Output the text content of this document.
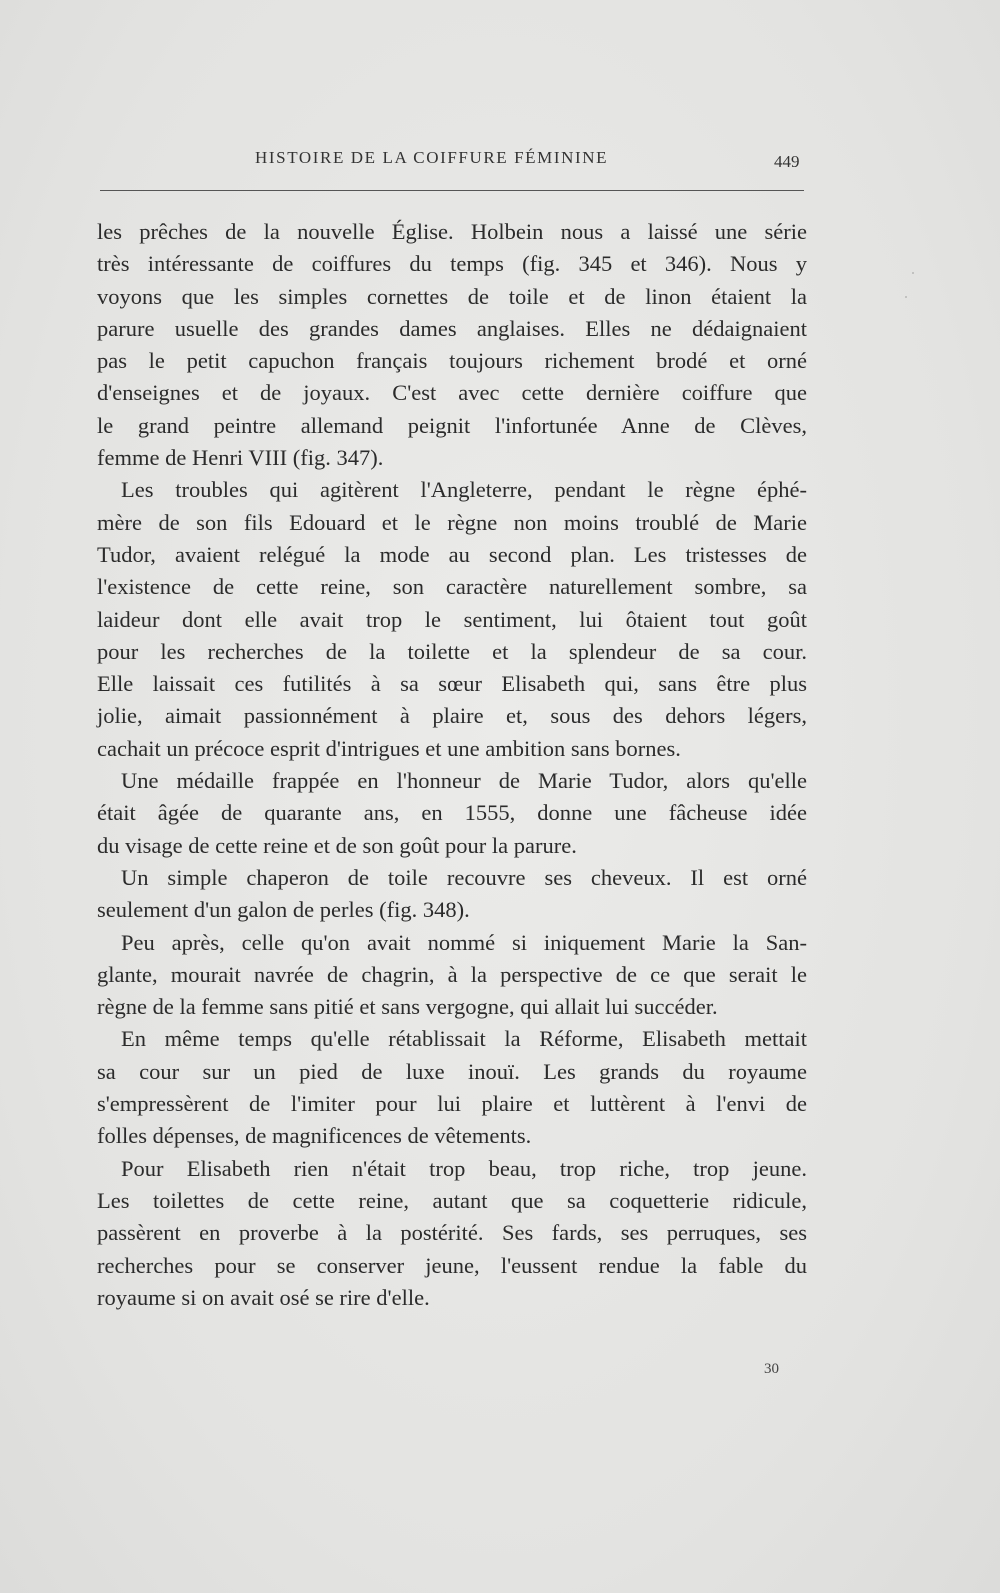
HISTOIRE DE LA COIFFURE FÉMININE	449
les prêches de la nouvelle Église. Holbein nous a laissé une série
très intéressante de coiffures du temps (fig. 345 et 346). Nous y
voyons que les simples cornettes de toile et de linon étaient la
parure usuelle des grandes dames anglaises. Elles ne dédaignaient
pas le petit capuchon français toujours richement brodé et orné
d'enseignes et de joyaux. C'est avec cette dernière coiffure que
le grand peintre allemand peignit l'infortunée Anne de Clèves,
femme de Henri VIII (fig. 347).
Les troubles qui agitèrent l'Angleterre, pendant le règne éphé-
mère de son fils Edouard et le règne non moins troublé de Marie
Tudor, avaient relégué la mode au second plan. Les tristesses de
l'existence de cette reine, son caractère naturellement sombre, sa
laideur dont elle avait trop le sentiment, lui ôtaient tout goût
pour les recherches de la toilette et la splendeur de sa cour.
Elle laissait ces futilités à sa sœur Elisabeth qui, sans être plus
jolie, aimait passionnément à plaire et, sous des dehors légers,
cachait un précoce esprit d'intrigues et une ambition sans bornes.
Une médaille frappée en l'honneur de Marie Tudor, alors qu'elle
était âgée de quarante ans, en 1555, donne une fâcheuse idée
du visage de cette reine et de son goût pour la parure.
Un simple chaperon de toile recouvre ses cheveux. Il est orné
seulement d'un galon de perles (fig. 348).
Peu après, celle qu'on avait nommé si iniquement Marie la San-
glante, mourait navrée de chagrin, à la perspective de ce que serait le
règne de la femme sans pitié et sans vergogne, qui allait lui succéder.
En même temps qu'elle rétablissait la Réforme, Elisabeth mettait
sa cour sur un pied de luxe inouï. Les grands du royaume
s'empressèrent de l'imiter pour lui plaire et luttèrent à l'envi de
folles dépenses, de magnificences de vêtements.
Pour Elisabeth rien n'était trop beau, trop riche, trop jeune.
Les toilettes de cette reine, autant que sa coquetterie ridicule,
passèrent en proverbe à la postérité. Ses fards, ses perruques, ses
recherches pour se conserver jeune, l'eussent rendue la fable du
royaume si on avait osé se rire d'elle.
30
